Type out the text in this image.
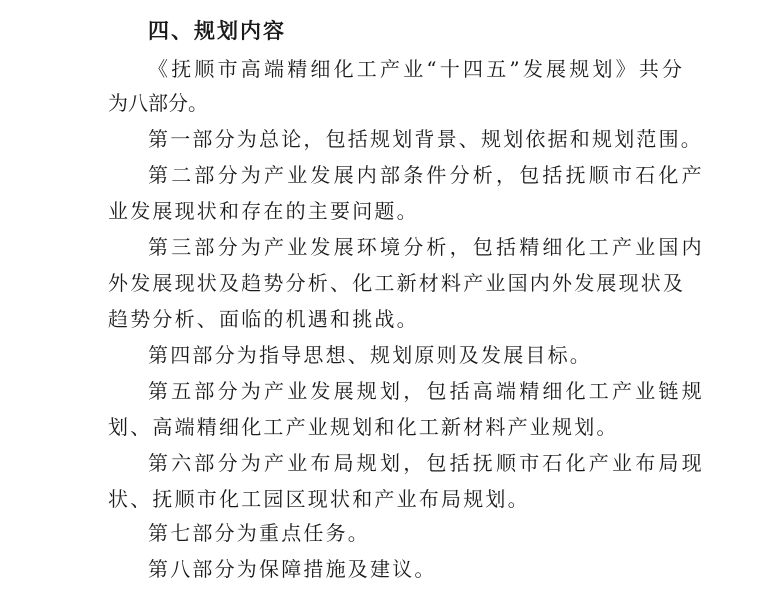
四、规划内容
《抚顺市高端精细化工产业“十四五”发展规划》共分
为八部分。
第一部分为总论，包括规划背景、规划依据和规划范围。
第二部分为产业发展内部条件分析，包括抚顺市石化产
业发展现状和存在的主要问题。
第三部分为产业发展环境分析，包括精细化工产业国内
外发展现状及趋势分析、化工新材料产业国内外发展现状及
趋势分析、面临的机遇和挑战。
第四部分为指导思想、规划原则及发展目标。
第五部分为产业发展规划，包括高端精细化工产业链规
划、高端精细化工产业规划和化工新材料产业规划。
第六部分为产业布局规划，包括抚顺市石化产业布局现
状、抚顺市化工园区现状和产业布局规划。
第七部分为重点任务。
第八部分为保障措施及建议。
